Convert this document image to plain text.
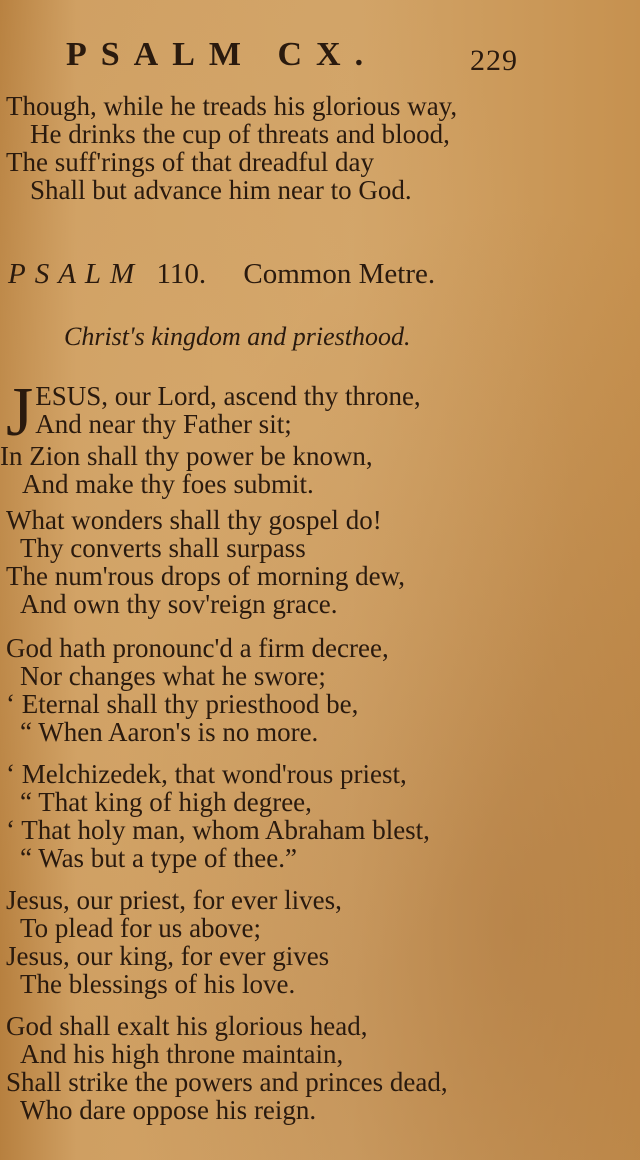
PSALM CX.	229
Though, while he treads his glorious way,
He drinks the cup of threats and blood,
The suff'rings of that dreadful day
Shall but advance him near to God.
PSALM 110. Common Metre.
Christ's kingdom and priesthood.
J ESUS, our Lord, ascend thy throne,
And near thy Father sit;
In Zion shall thy power be known,
And make thy foes submit.
What wonders shall thy gospel do!
Thy converts shall surpass
The num'rous drops of morning dew,
And own thy sov'reign grace.
God hath pronounc'd a firm decree,
Nor changes what he swore;
‘ Eternal shall thy priesthood be,
“ When Aaron's is no more.
‘ Melchizedek, that wond'rous priest,
“ That king of high degree,
‘ That holy man, whom Abraham blest,
“ Was but a type of thee.”
Jesus, our priest, for ever lives,
To plead for us above;
Jesus, our king, for ever gives
The blessings of his love.
God shall exalt his glorious head,
And his high throne maintain,
Shall strike the powers and princes dead,
Who dare oppose his reign.
